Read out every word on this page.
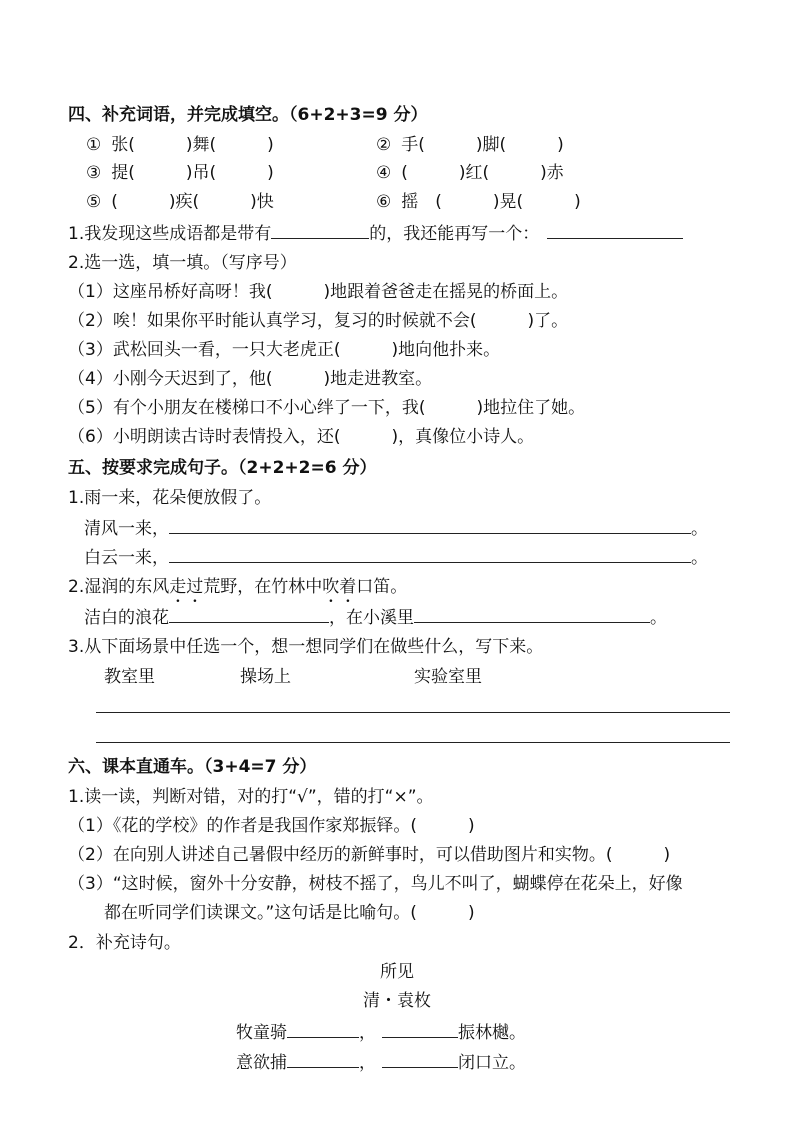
四、补充词语，并完成填空。（6+2+3=9 分）
① 张(　　　)舞(　　　)	② 手(　　　)脚(　　　)
③ 提(　　　)吊(　　　)	④ (　　　)红(　　　)赤
⑤ (　　　)疾(　　　)快	⑥ 摇　(　　　)晃(　　　)
1.我发现这些成语都是带有	的，我还能再写一个：
2.选一选，填一填。（写序号）
（1）这座吊桥好高呀！我(　　　)地跟着爸爸走在摇晃的桥面上。
（2）唉！如果你平时能认真学习，复习的时候就不会(　　　)了。
（3）武松回头一看，一只大老虎正(　　　)地向他扑来。
（4）小刚今天迟到了，他(　　　)地走进教室。
（5）有个小朋友在楼梯口不小心绊了一下，我(　　　)地拉住了她。
（6）小明朗读古诗时表情投入，还(　　　)，真像位小诗人。
五、按要求完成句子。（2+2+2=6 分）
1.雨一来，花朵便放假了。
清风一来，	。
白云一来，	。
2.湿润的东风走过荒野，在竹林中吹着口笛。
洁白的浪花	，在小溪里	。
3.从下面场景中任选一个，想一想同学们在做些什么，写下来。
教室里	操场上	实验室里
六、课本直通车。（3+4=7 分）
1.读一读，判断对错，对的打“√”，错的打“×”。
（1）《花的学校》的作者是我国作家郑振铎。(　　　)
（2）在向别人讲述自己暑假中经历的新鲜事时，可以借助图片和实物。(　　　)
（3）“这时候，窗外十分安静，树枝不摇了，鸟儿不叫了，蝴蝶停在花朵上，好像
都在听同学们读课文。”这句话是比喻句。(　　　)
2．补充诗句。
所见
清・袁枚
牧童骑	，	振林樾。
意欲捕	，	闭口立。
